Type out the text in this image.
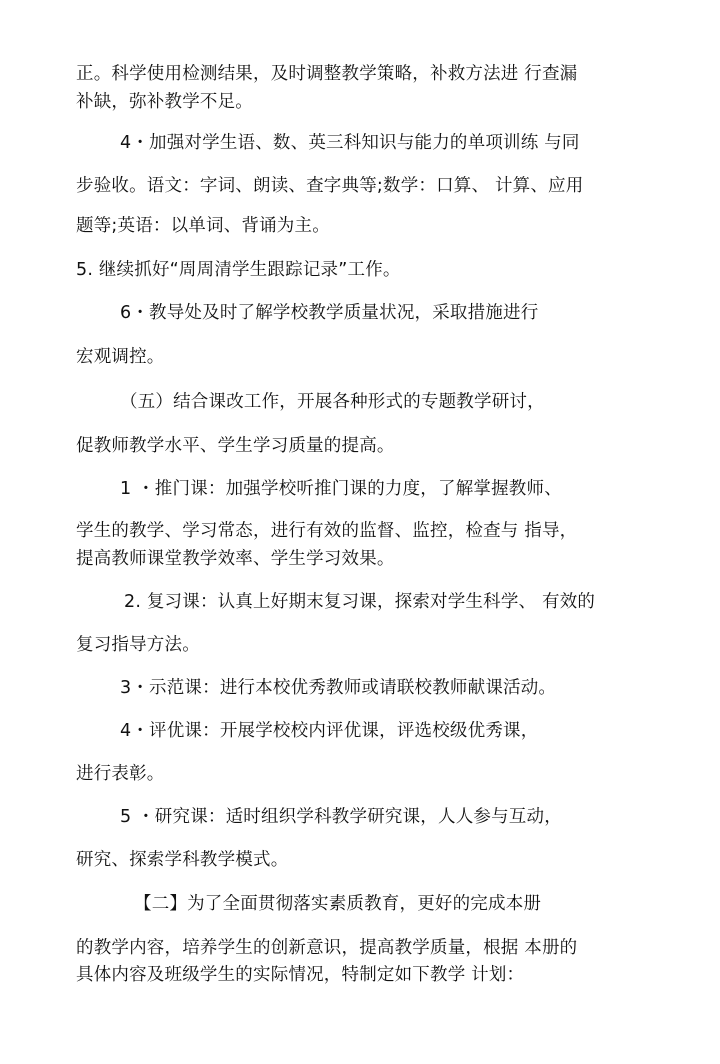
正。科学使用检测结果，及时调整教学策略，补救方法进 行查漏

补缺，弥补教学不足。

4・加强对学生语、数、英三科知识与能力的单项训练 与同

步验收。语文：字词、朗读、查字典等;数学：口算、 计算、应用

题等;英语：以单词、背诵为主。

5. 继续抓好“周周清学生跟踪记录”工作。

6・教导处及时了解学校教学质量状况，采取措施进行

宏观调控。

（五）结合课改工作，开展各种形式的专题教学研讨，

促教师教学水平、学生学习质量的提高。

1 ・推门课：加强学校听推门课的力度，了解掌握教师、

学生的教学、学习常态，进行有效的监督、监控，检查与 指导，

提高教师课堂教学效率、学生学习效果。

2. 复习课：认真上好期末复习课，探索对学生科学、 有效的

复习指导方法。

3・示范课：进行本校优秀教师或请联校教师献课活动。

4・评优课：开展学校校内评优课，评选校级优秀课，

进行表彰。

5 ・研究课：适时组织学科教学研究课，人人参与互动，

研究、探索学科教学模式。

【二】为了全面贯彻落实素质教育，更好的完成本册

的教学内容，培养学生的创新意识，提高教学质量，根据 本册的

具体内容及班级学生的实际情况，特制定如下教学 计划：
